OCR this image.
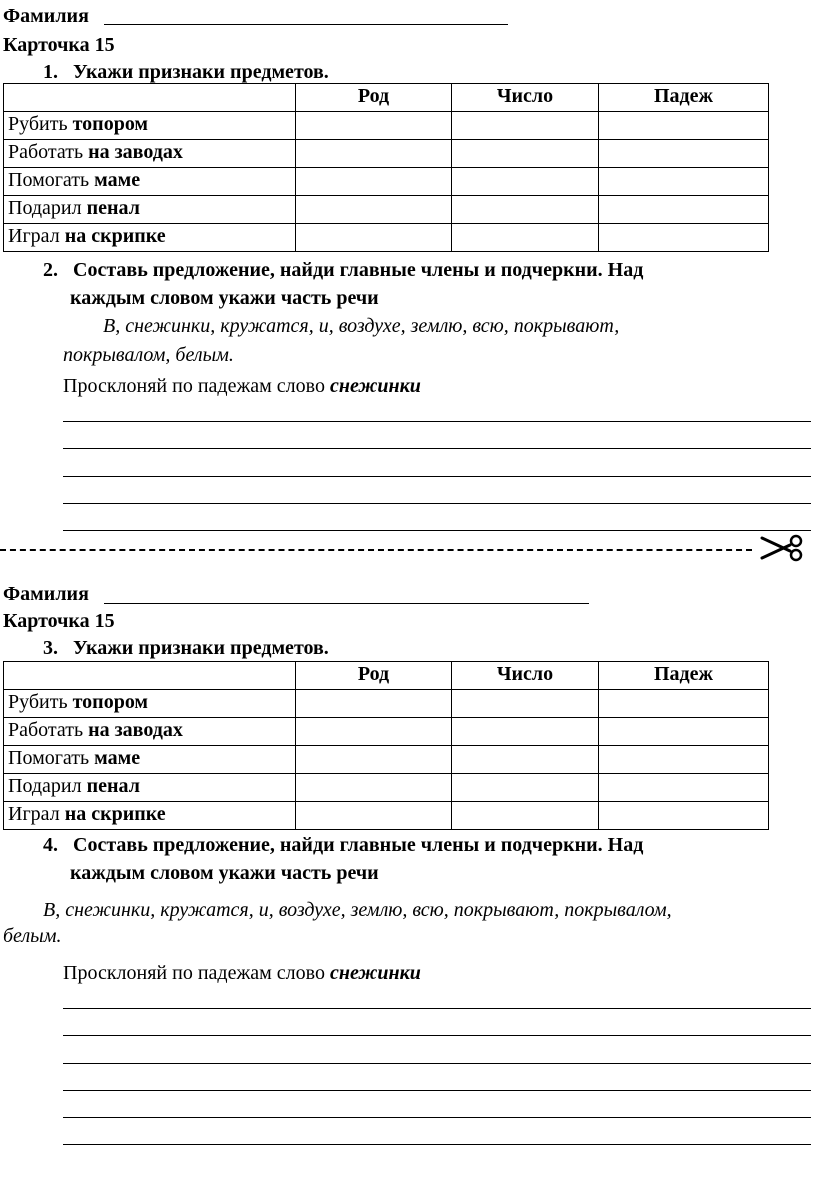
Фамилия
Карточка 15
1. Укажи признаки предметов.
	Род	Число	Падеж
Рубить топором			
Работать на заводах			
Помогать маме			
Подарил пенал			
Играл на скрипке			
2. Составь предложение, найди главные члены и подчеркни. Над
каждым словом укажи часть речи
В, снежинки, кружатся, и, воздухе, землю, всю, покрывают,
покрывалом, белым.
Просклоняй по падежам слово снежинки
Фамилия
Карточка 15
3. Укажи признаки предметов.
	Род	Число	Падеж
Рубить топором			
Работать на заводах			
Помогать маме			
Подарил пенал			
Играл на скрипке			
4. Составь предложение, найди главные члены и подчеркни. Над
каждым словом укажи часть речи
В, снежинки, кружатся, и, воздухе, землю, всю, покрывают, покрывалом,
белым.
Просклоняй по падежам слово снежинки
